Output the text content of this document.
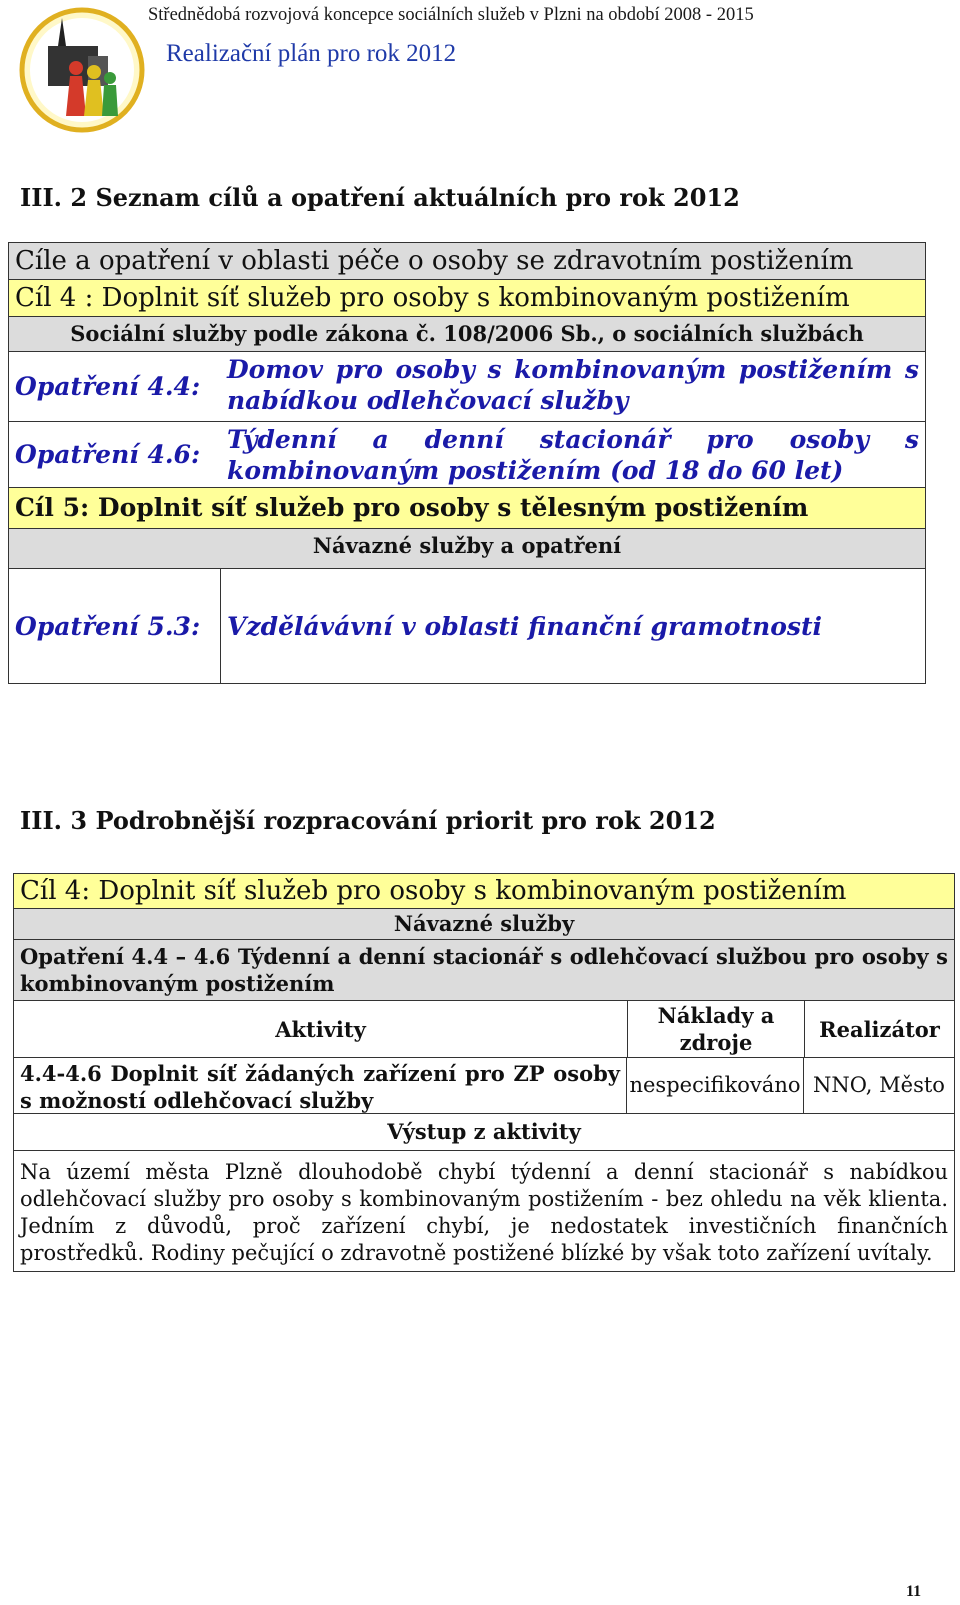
Střednědobá rozvojová koncepce sociálních služeb v Plzni na období 2008 - 2015
Realizační plán pro rok 2012
III. 2 Seznam cílů a opatření aktuálních pro rok 2012
Cíle a opatření v oblasti péče o osoby se zdravotním postižením
Cíl 4 : Doplnit síť služeb pro osoby s kombinovaným postižením
Sociální služby podle zákona č. 108/2006 Sb., o sociálních službách
Opatření 4.4:
Domov pro osoby s kombinovaným postižením s nabídkou odlehčovací služby
Opatření 4.6:
Týdenní a denní stacionář pro osoby s kombinovaným postižením (od 18 do 60 let)
Cíl 5: Doplnit síť služeb pro osoby s tělesným postižením
Návazné služby a opatření
Opatření 5.3:	Vzdělávávní v oblasti finanční gramotnosti
III. 3 Podrobnější rozpracování priorit pro rok 2012
Cíl 4: Doplnit síť služeb pro osoby s kombinovaným postižením
Návazné služby
Opatření 4.4 – 4.6 Týdenní a denní stacionář s odlehčovací službou pro osoby s kombinovaným postižením
Aktivity
Náklady a zdroje
Realizátor
4.4-4.6 Doplnit síť žádaných zařízení pro ZP osoby s možností odlehčovací služby
nespecifikováno NNO, Město
Výstup z aktivity
Na území města Plzně dlouhodobě chybí týdenní a denní stacionář s nabídkou odlehčovací služby pro osoby s kombinovaným postižením - bez ohledu na věk klienta. Jedním z důvodů, proč zařízení chybí, je nedostatek investičních finančních prostředků. Rodiny pečující o zdravotně postižené blízké by však toto zařízení uvítaly.
11
